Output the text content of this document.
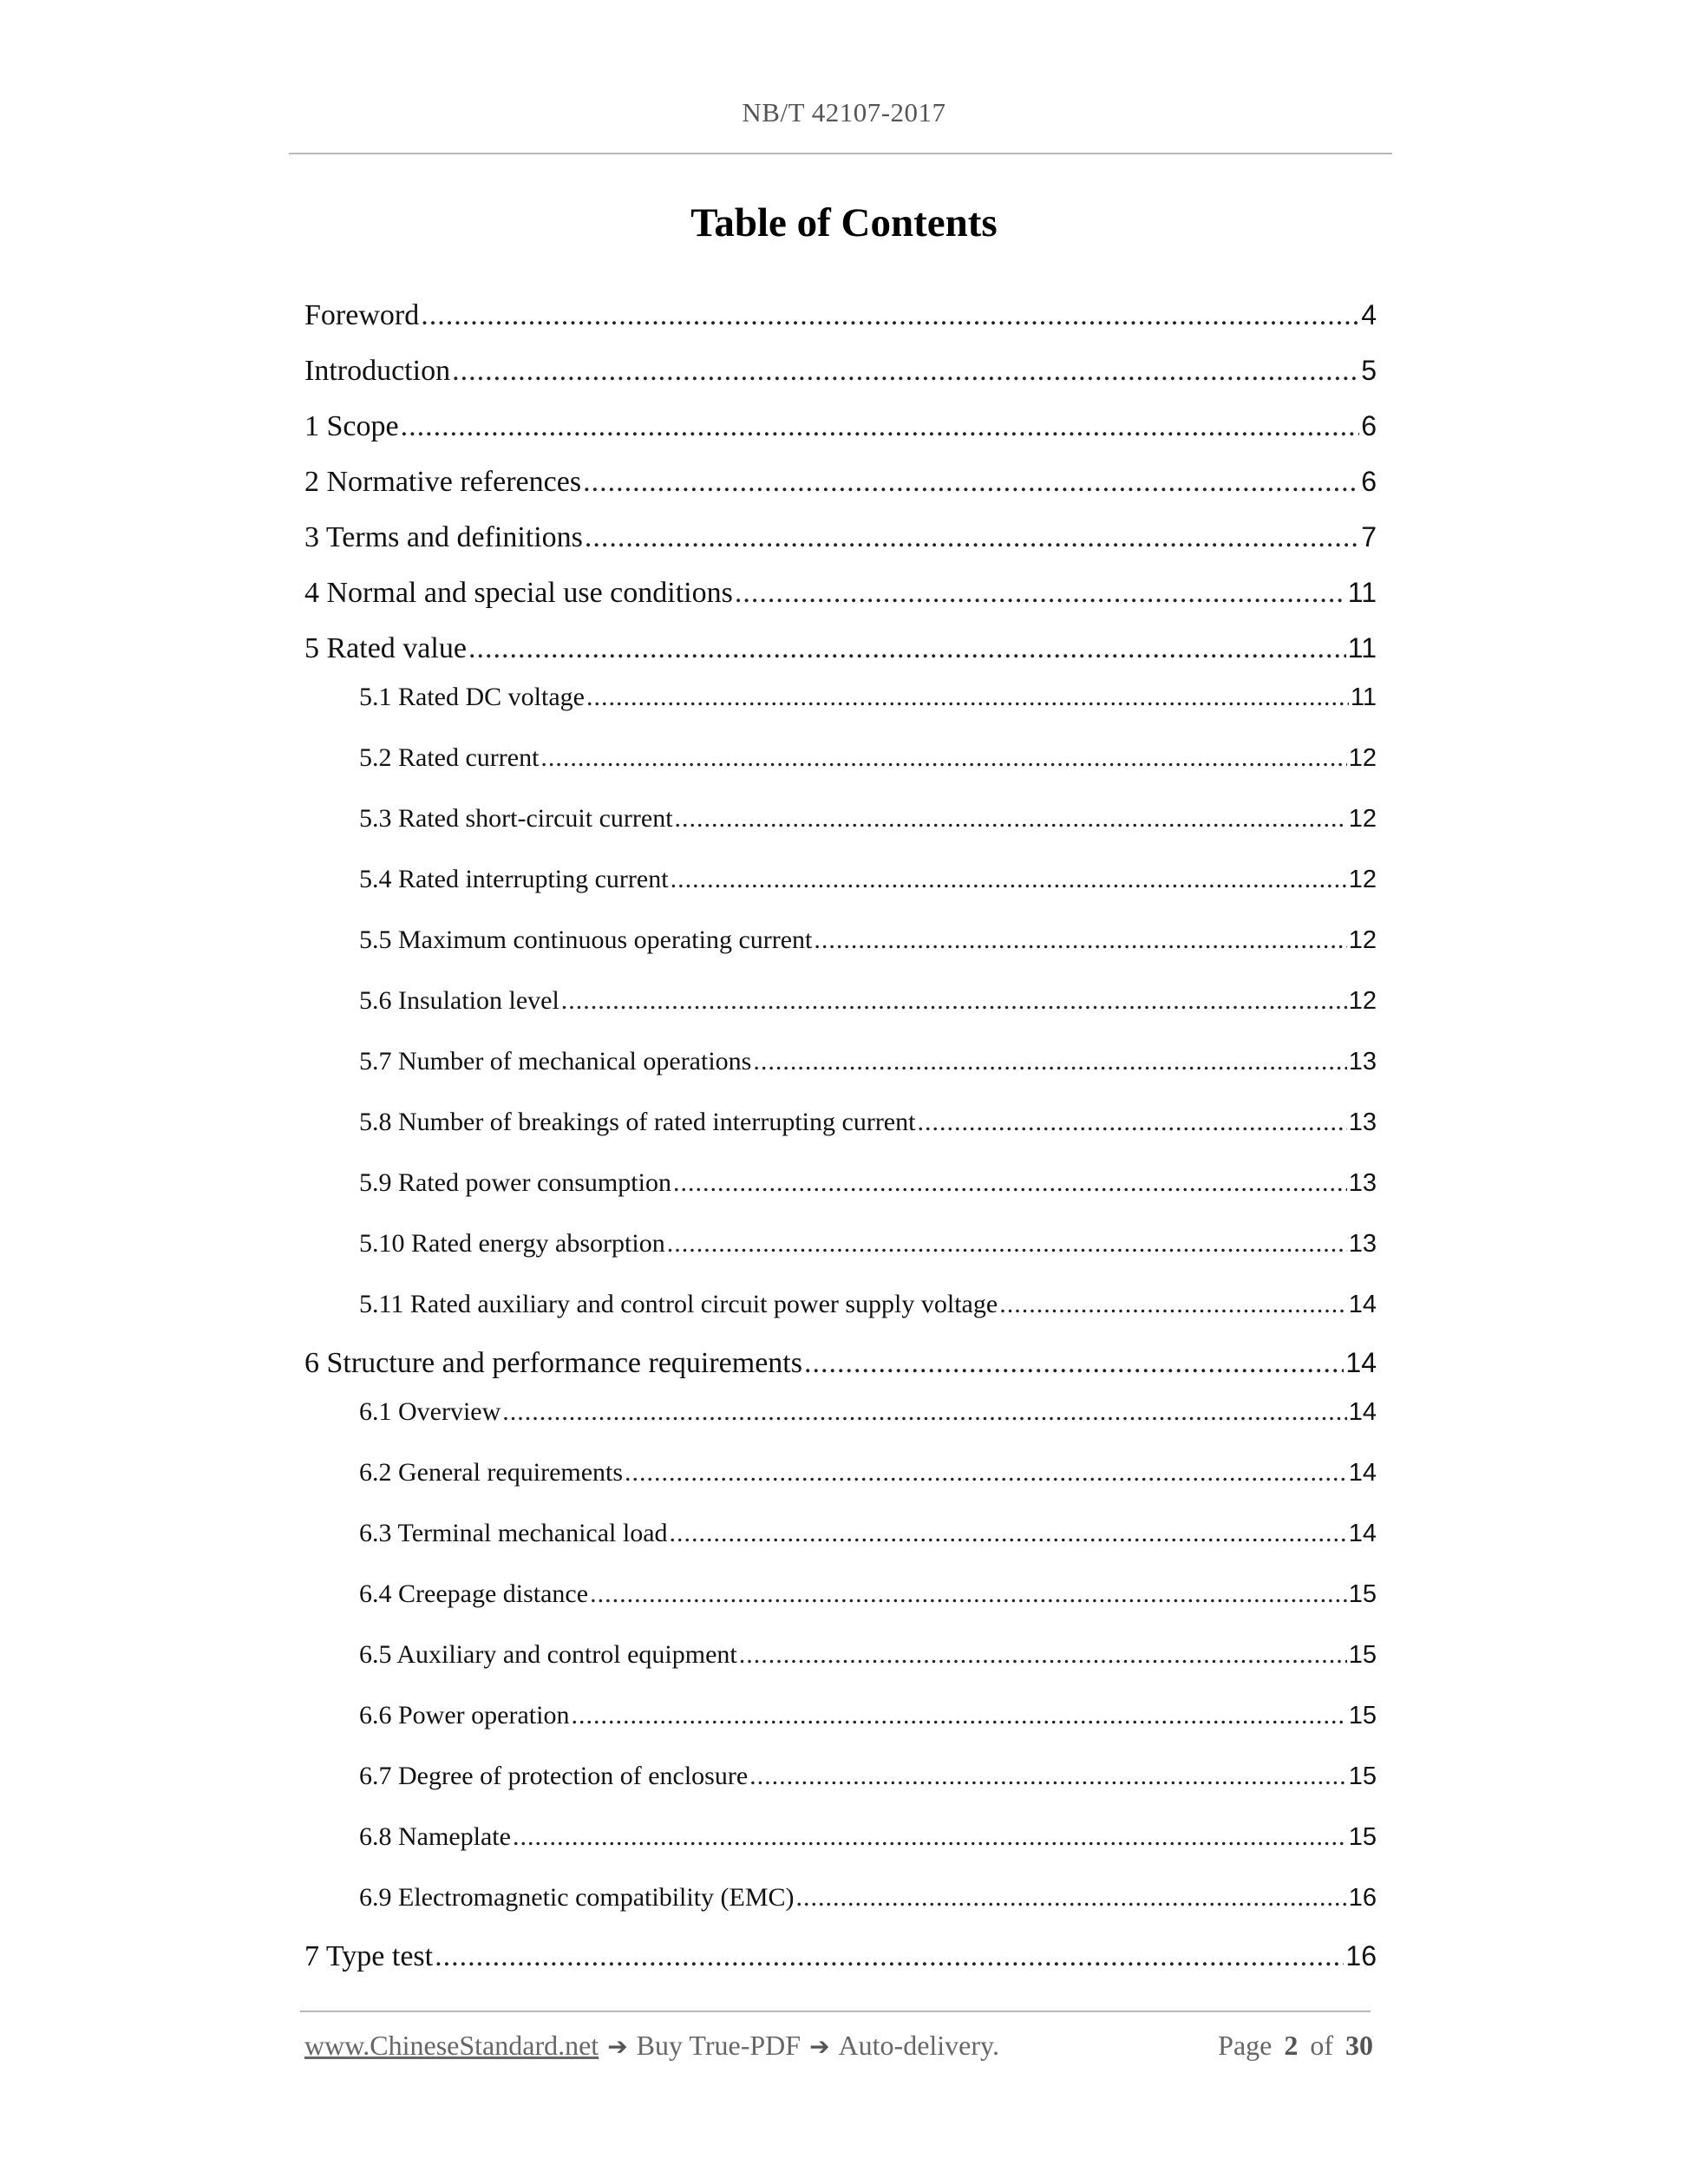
NB/T 42107-2017
Table of Contents
Foreword .....	4
Introduction .....	5
1 Scope .....	6
2 Normative references .....	6
3 Terms and definitions .....	7
4 Normal and special use conditions .....	11
5 Rated value .....	11
5.1 Rated DC voltage .....	11
5.2 Rated current .....	12
5.3 Rated short-circuit current .....	12
5.4 Rated interrupting current .....	12
5.5 Maximum continuous operating current .....	12
5.6 Insulation level .....	12
5.7 Number of mechanical operations .....	13
5.8 Number of breakings of rated interrupting current .....	13
5.9 Rated power consumption .....	13
5.10 Rated energy absorption .....	13
5.11 Rated auxiliary and control circuit power supply voltage .....	14
6 Structure and performance requirements .....	14
6.1 Overview .....	14
6.2 General requirements .....	14
6.3 Terminal mechanical load .....	14
6.4 Creepage distance .....	15
6.5 Auxiliary and control equipment .....	15
6.6 Power operation .....	15
6.7 Degree of protection of enclosure .....	15
6.8 Nameplate .....	15
6.9 Electromagnetic compatibility (EMC) .....	16
7 Type test .....	16
www.ChineseStandard.net ➔ Buy True-PDF ➔ Auto-delivery.	Page 2 of 30
